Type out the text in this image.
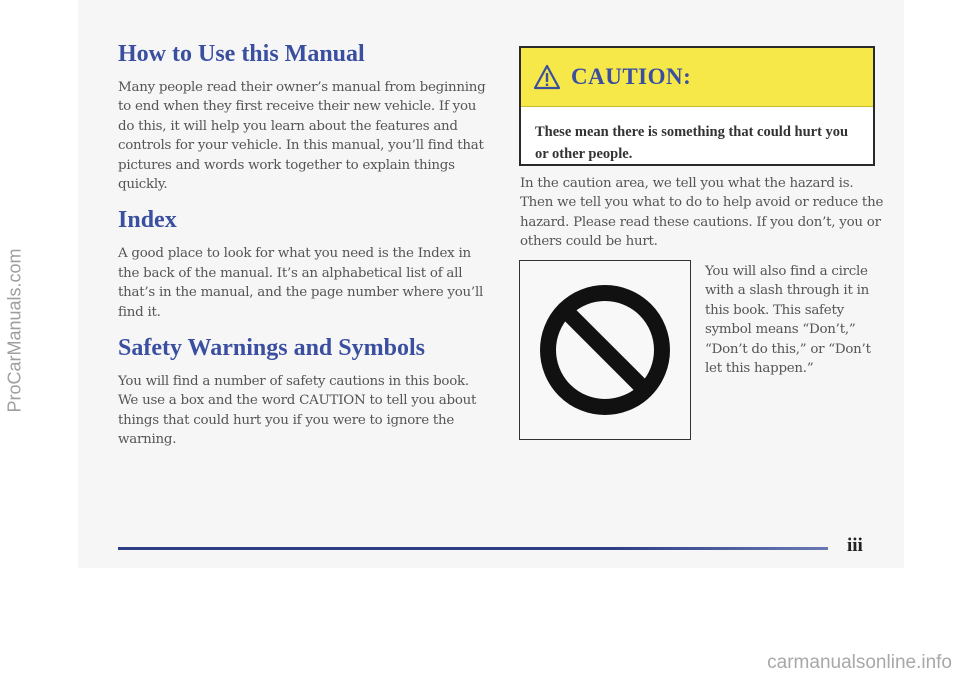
ProCarManuals.com
How to Use this Manual

Many people read their owner’s manual from beginning to end when they first receive their new vehicle. If you do this, it will help you learn about the features and controls for your vehicle. In this manual, you’ll find that pictures and words work together to explain things quickly.

Index

A good place to look for what you need is the Index in the back of the manual. It’s an alphabetical list of all that’s in the manual, and the page number where you’ll find it.

Safety Warnings and Symbols

You will find a number of safety cautions in this book. We use a box and the word CAUTION to tell you about things that could hurt you if you were to ignore the warning.

CAUTION:
These mean there is something that could hurt you or other people.

In the caution area, we tell you what the hazard is. Then we tell you what to do to help avoid or reduce the hazard. Please read these cautions. If you don’t, you or others could be hurt.

You will also find a circle with a slash through it in this book. This safety symbol means “Don’t,” “Don’t do this,” or “Don’t let this happen.”

iii
carmanualsonline.info
